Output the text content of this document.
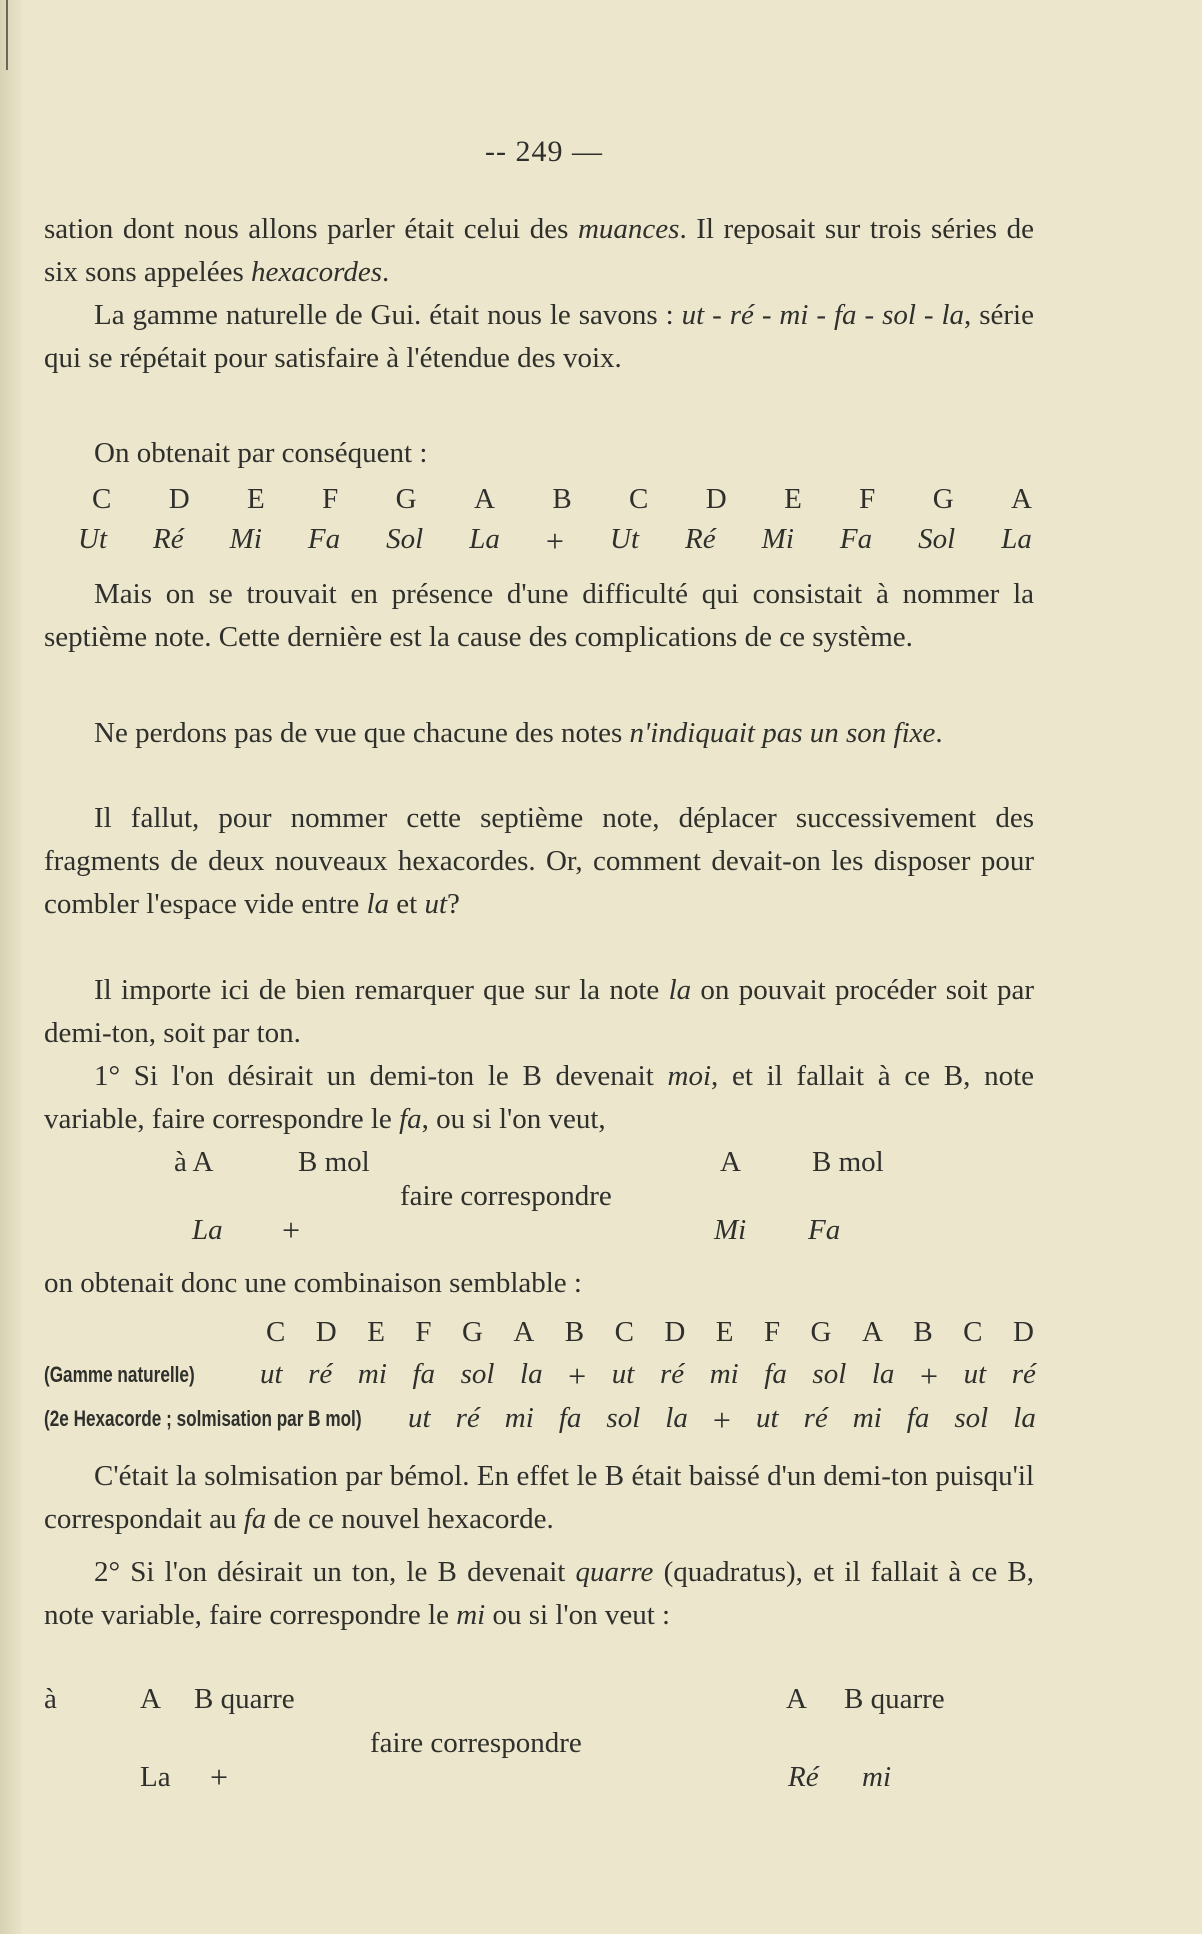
-- 249 —

sation dont nous allons parler était celui des muances. Il reposait sur trois séries de six sons appelées hexacordes.

La gamme naturelle de Gui. était nous le savons : ut - ré - mi - fa - sol - la, série qui se répétait pour satisfaire à l'étendue des voix.

On obtenait par conséquent :

C D E F G A B C D E F G A
Ut Ré Mi Fa Sol La + Ut Ré Mi Fa Sol La

Mais on se trouvait en présence d'une difficulté qui consistait à nommer la septième note. Cette dernière est la cause des complications de ce système.

Ne perdons pas de vue que chacune des notes n'indiquait pas un son fixe.

Il fallut, pour nommer cette septième note, déplacer successivement des fragments de deux nouveaux hexacordes. Or, comment devait-on les disposer pour combler l'espace vide entre la et ut?

Il importe ici de bien remarquer que sur la note la on pouvait procéder soit par demi-ton, soit par ton.

1° Si l'on désirait un demi-ton le B devenait moi, et il fallait à ce B, note variable, faire correspondre le fa, ou si l'on veut,

à A	B mol	A B mol
faire correspondre
La +	Mi Fa

on obtenait donc une combinaison semblable :

C D E F G A B C D E F G A B C D
(Gamme naturelle) ut ré mi fa sol la + ut ré mi fa sol la + ut ré
(2e Hexacorde ; solmisation par B mol) ut ré mi fa sol la + ut ré mi fa sol la

C'était la solmisation par bémol. En effet le B était baissé d'un demi-ton puisqu'il correspondait au fa de ce nouvel hexacorde.

2° Si l'on désirait un ton, le B devenait quarre (quadratus), et il fallait à ce B, note variable, faire correspondre le mi ou si l'on veut :

à	A B quarre	A B quarre
faire correspondre
La +	Ré mi
